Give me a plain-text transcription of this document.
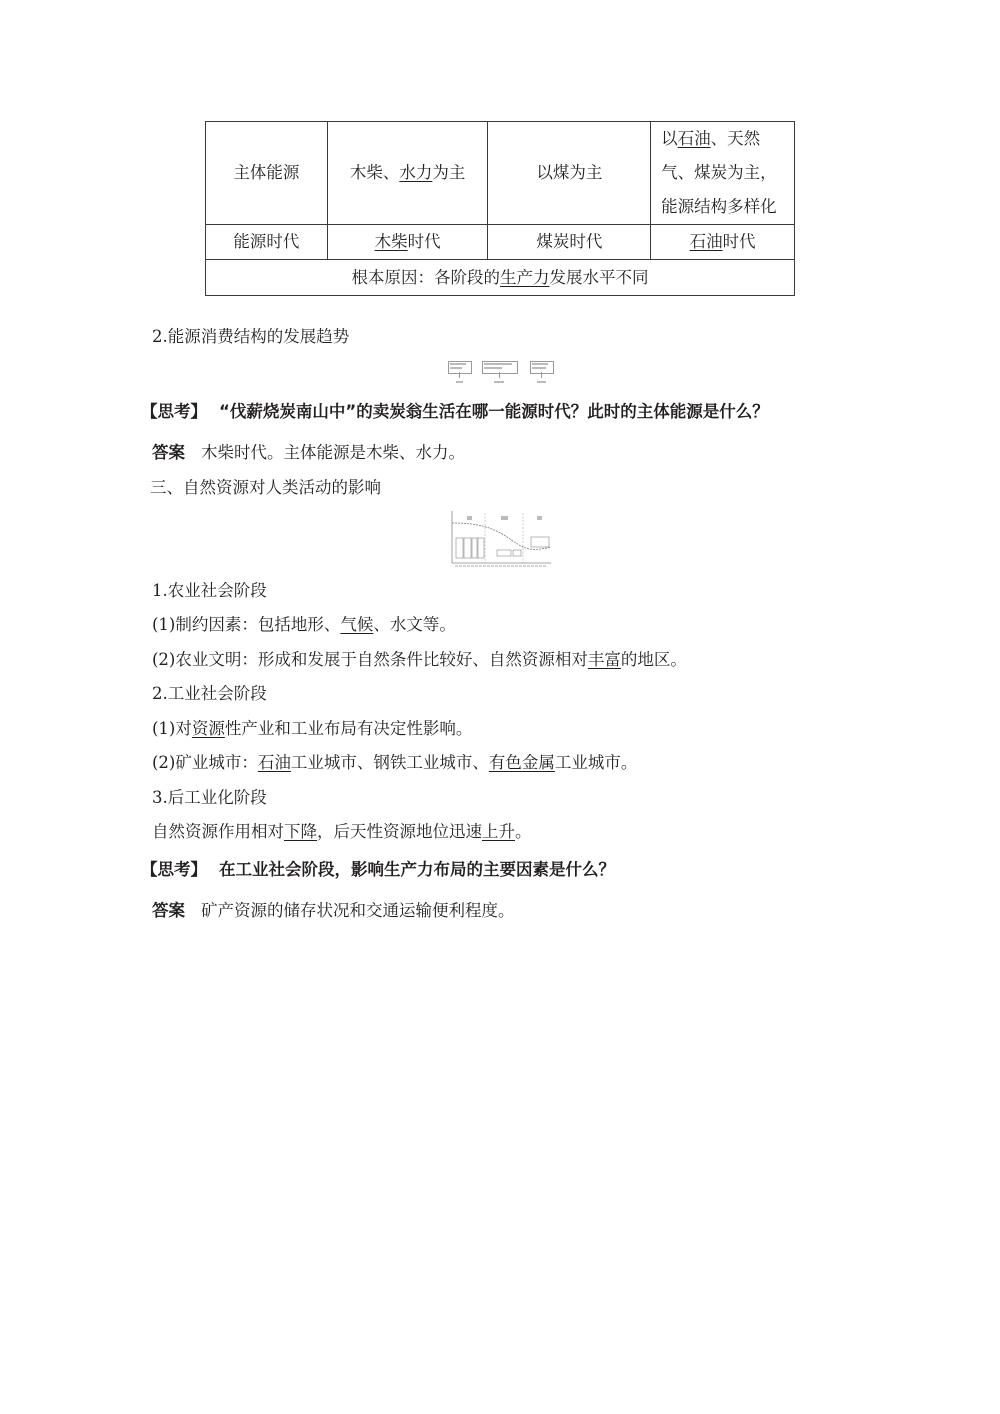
主体能源	木柴、水力为主	以煤为主	以石油、天然
气、煤炭为主，
能源结构多样化
能源时代	木柴时代	煤炭时代	石油时代
根本原因：各阶段的生产力发展水平不同			
2.能源消费结构的发展趋势
【思考】 “伐薪烧炭南山中”的卖炭翁生活在哪一能源时代？此时的主体能源是什么？
答案 木柴时代。主体能源是木柴、水力。
三、自然资源对人类活动的影响
1.农业社会阶段
(1)制约因素：包括地形、气候、水文等。
(2)农业文明：形成和发展于自然条件比较好、自然资源相对丰富的地区。
2.工业社会阶段
(1)对资源性产业和工业布局有决定性影响。
(2)矿业城市：石油工业城市、钢铁工业城市、有色金属工业城市。
3.后工业化阶段
自然资源作用相对下降，后天性资源地位迅速上升。
【思考】 在工业社会阶段，影响生产力布局的主要因素是什么？
答案 矿产资源的储存状况和交通运输便利程度。
